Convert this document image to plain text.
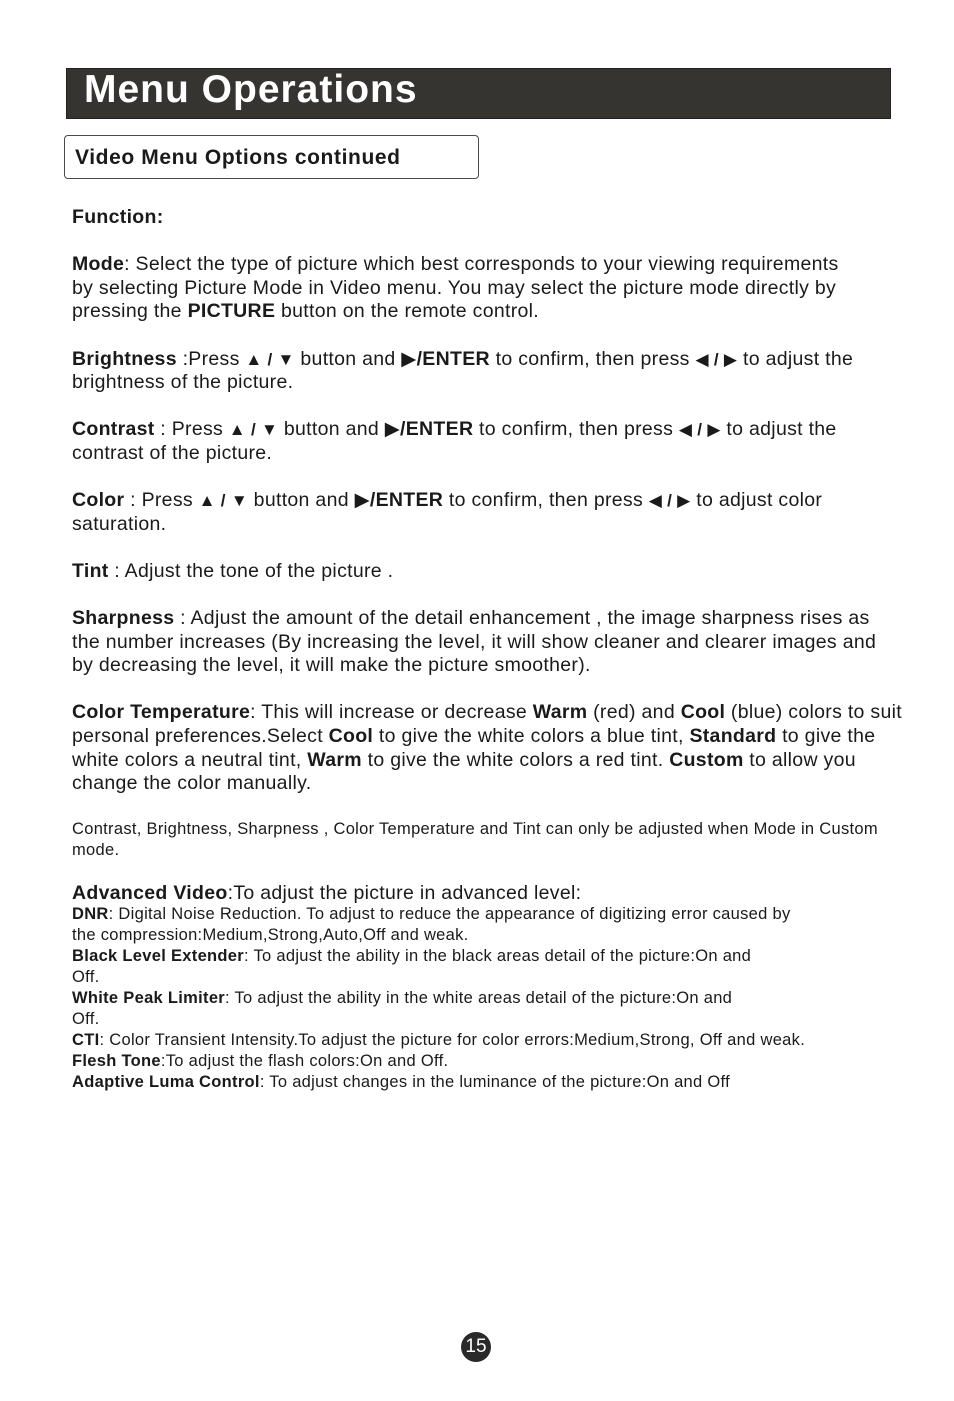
Menu Operations
Video Menu Options continued

Function:

Mode: Select the type of picture which best corresponds to your viewing requirements by selecting Picture Mode in Video menu. You may select the picture mode directly by pressing the PICTURE button on the remote control.

Brightness :Press ▲ / ▼ button and ▶/ENTER to confirm, then press ◀ / ▶ to adjust the brightness of the picture.

Contrast : Press ▲ / ▼ button and ▶/ENTER to confirm, then press ◀ / ▶ to adjust the contrast of the picture.

Color : Press ▲ / ▼ button and ▶/ENTER to confirm, then press ◀ / ▶ to adjust color saturation.

Tint : Adjust the tone of the picture .

Sharpness : Adjust the amount of the detail enhancement , the image sharpness rises as the number increases (By increasing the level, it will show cleaner and clearer images and by decreasing the level, it will make the picture smoother).

Color Temperature: This will increase or decrease Warm (red) and Cool (blue) colors to suit personal preferences.Select Cool to give the white colors a blue tint, Standard to give the white colors a neutral tint, Warm to give the white colors a red tint. Custom to allow you change the color manually.

Contrast, Brightness, Sharpness , Color Temperature and Tint can only be adjusted when Mode in Custom mode.

Advanced Video:To adjust the picture in advanced level:
DNR: Digital Noise Reduction. To adjust to reduce the appearance of digitizing error caused by the compression:Medium,Strong,Auto,Off and weak.
Black Level Extender: To adjust the ability in the black areas detail of the picture:On and Off.
White Peak Limiter: To adjust the ability in the white areas detail of the picture:On and Off.
CTI: Color Transient Intensity.To adjust the picture for color errors:Medium,Strong, Off and weak.
Flesh Tone:To adjust the flash colors:On and Off.
Adaptive Luma Control: To adjust changes in the luminance of the picture:On and Off
15
